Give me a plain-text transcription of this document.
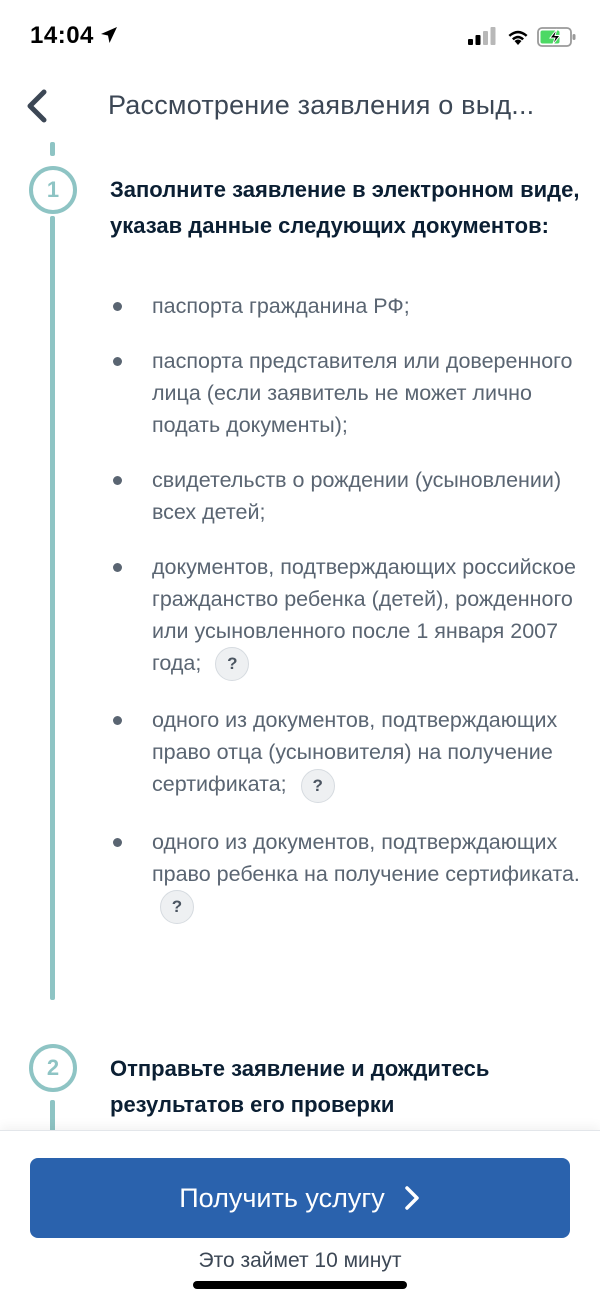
14:04
Рассмотрение заявления о выд...
1	Заполните заявление в электронном виде, указав данные следующих документов:
паспорта гражданина РФ;
паспорта представителя или доверенного лица (если заявитель не может лично подать документы);
свидетельств о рождении (усыновлении) всех детей;
документов, подтверждающих российское гражданство ребенка (детей), рожденного или усыновленного после 1 января 2007 года; ?
одного из документов, подтверждающих право отца (усыновителя) на получение сертификата; ?
одного из документов, подтверждающих право ребенка на получение сертификата. ?
2	Отправьте заявление и дождитесь результатов его проверки
Получить услугу
Это займет 10 минут
